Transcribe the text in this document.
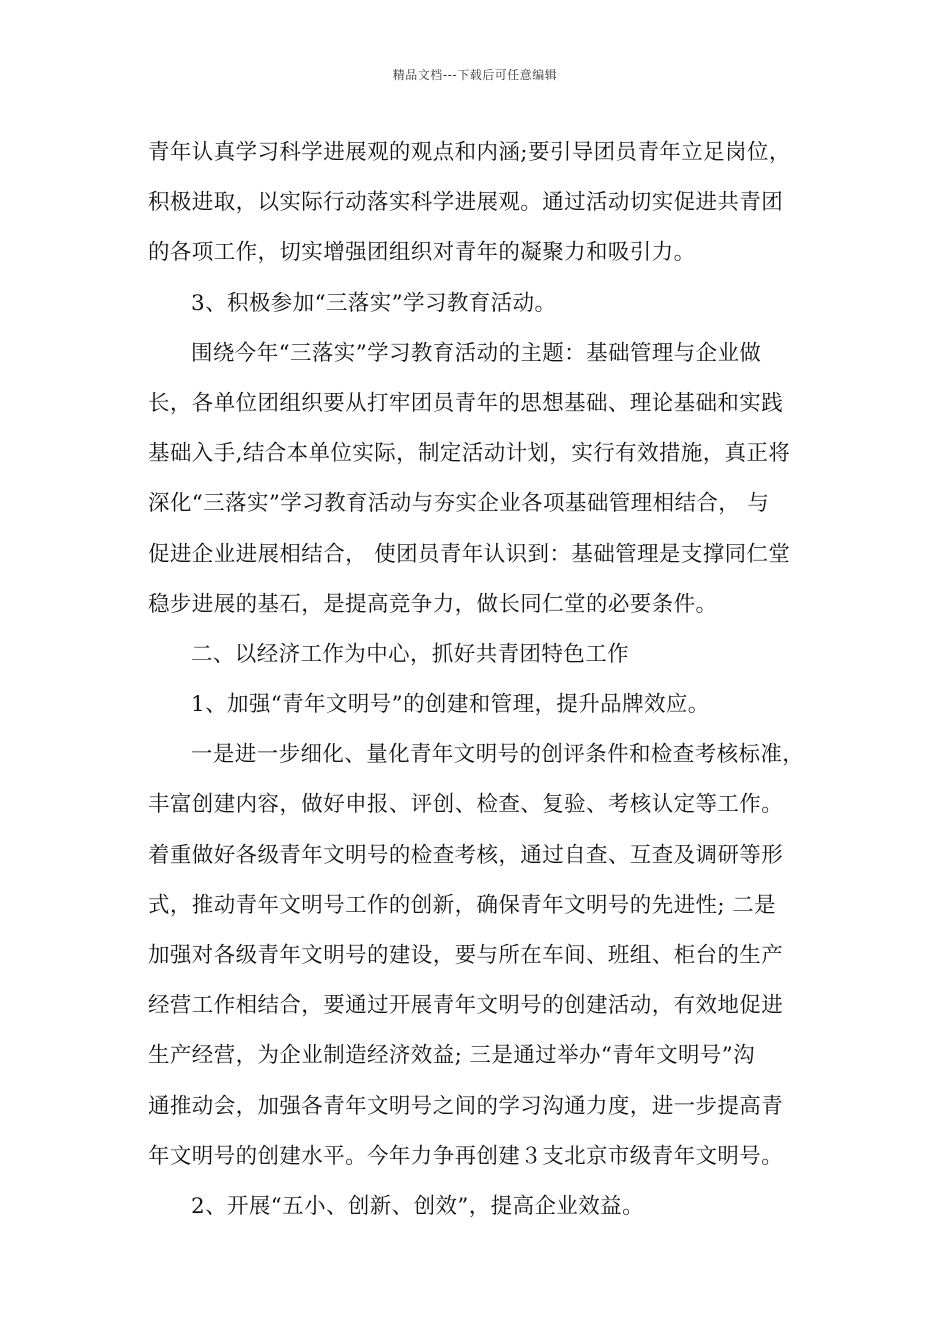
精品文档---下载后可任意编辑
青年认真学习科学进展观的观点和内涵;要引导团员青年立足岗位，
积极进取，以实际行动落实科学进展观。通过活动切实促进共青团
的各项工作，切实增强团组织对青年的凝聚力和吸引力。
3、积极参加“三落实”学习教育活动。
围绕今年“三落实”学习教育活动的主题：基础管理与企业做
长，各单位团组织要从打牢团员青年的思想基础、理论基础和实践
基础入手,结合本单位实际，制定活动计划，实行有效措施，真正将
深化“三落实”学习教育活动与夯实企业各项基础管理相结合， 与
促进企业进展相结合， 使团员青年认识到：基础管理是支撑同仁堂
稳步进展的基石，是提高竞争力，做长同仁堂的必要条件。
二、以经济工作为中心，抓好共青团特色工作
1、加强“青年文明号”的创建和管理，提升品牌效应。
一是进一步细化、量化青年文明号的创评条件和检查考核标准，
丰富创建内容，做好申报、评创、检查、复验、考核认定等工作。
着重做好各级青年文明号的检查考核，通过自查、互查及调研等形
式，推动青年文明号工作的创新，确保青年文明号的先进性; 二是
加强对各级青年文明号的建设，要与所在车间、班组、柜台的生产
经营工作相结合，要通过开展青年文明号的创建活动，有效地促进
生产经营，为企业制造经济效益; 三是通过举办“青年文明号”沟
通推动会，加强各青年文明号之间的学习沟通力度，进一步提高青
年文明号的创建水平。今年力争再创建３支北京市级青年文明号。
2、开展“五小、创新、创效”，提高企业效益。
